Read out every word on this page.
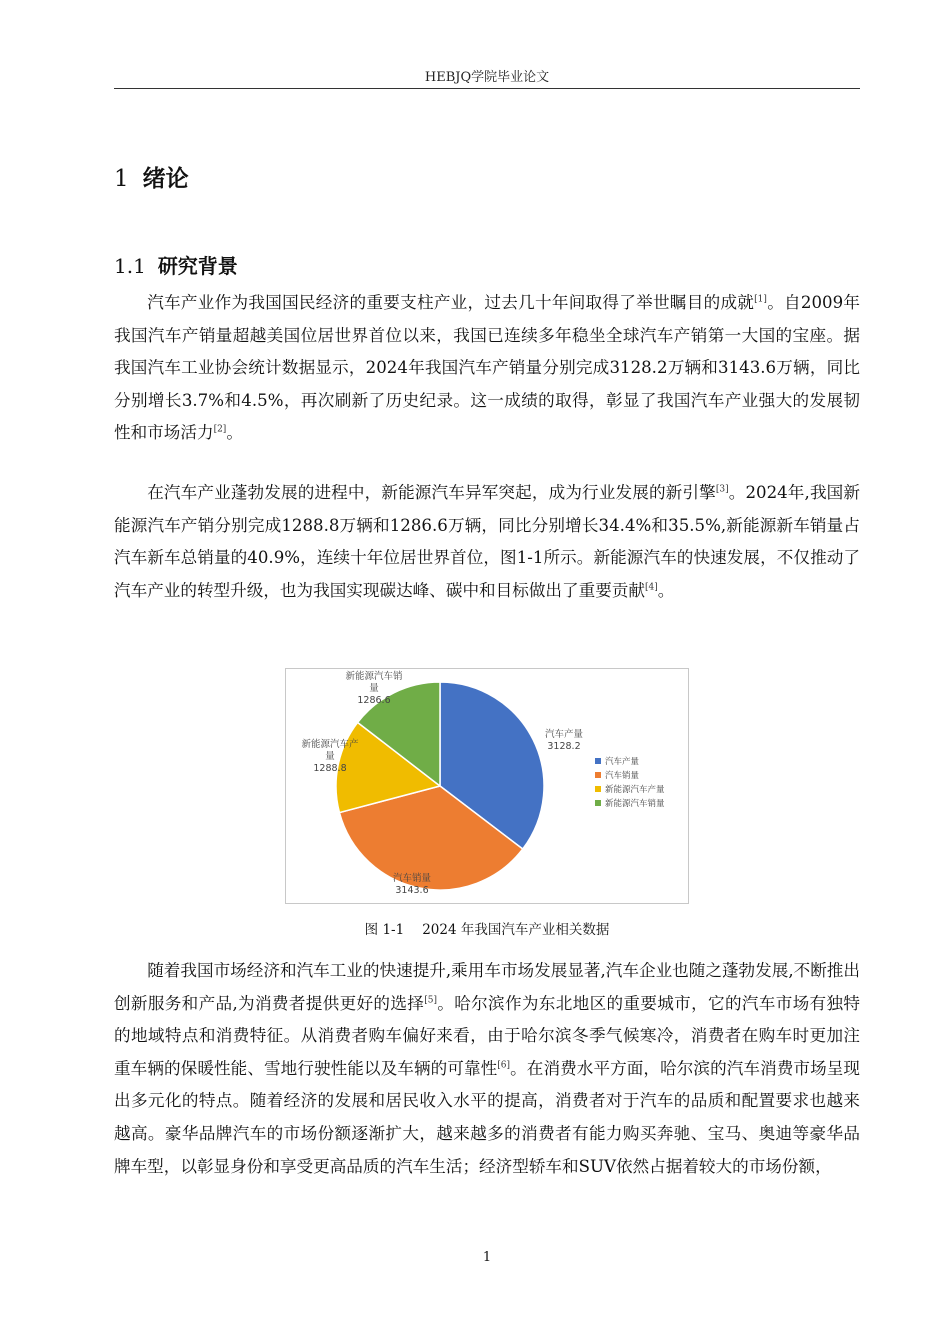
HEBJQ学院毕业论文
1 绪论
1.1 研究背景

汽车产业作为我国国民经济的重要支柱产业，过去几十年间取得了举世瞩目的成就[1]。自2009年我国汽车产销量超越美国位居世界首位以来，我国已连续多年稳坐全球汽车产销第一大国的宝座。据我国汽车工业协会统计数据显示，2024年我国汽车产销量分别完成3128.2万辆和3143.6万辆，同比分别增长3.7%和4.5%，再次刷新了历史纪录。这一成绩的取得，彰显了我国汽车产业强大的发展韧性和市场活力[2]。

在汽车产业蓬勃发展的进程中，新能源汽车异军突起，成为行业发展的新引擎[3]。2024年,我国新能源汽车产销分别完成1288.8万辆和1286.6万辆，同比分别增长34.4%和35.5%,新能源新车销量占汽车新车总销量的40.9%，连续十年位居世界首位，图1-1所示。新能源汽车的快速发展，不仅推动了汽车产业的转型升级，也为我国实现碳达峰、碳中和目标做出了重要贡献[4]。

汽车产量
3128.2
汽车销量
3143.6
新能源汽车产
量
1288.8
新能源汽车销
量
1286.6
汽车产量
汽车销量
新能源汽车产量
新能源汽车销量
图 1-1 2024 年我国汽车产业相关数据

随着我国市场经济和汽车工业的快速提升,乘用车市场发展显著,汽车企业也随之蓬勃发展,不断推出创新服务和产品,为消费者提供更好的选择[5]。哈尔滨作为东北地区的重要城市，它的汽车市场有独特的地域特点和消费特征。从消费者购车偏好来看，由于哈尔滨冬季气候寒冷，消费者在购车时更加注重车辆的保暖性能、雪地行驶性能以及车辆的可靠性[6]。在消费水平方面，哈尔滨的汽车消费市场呈现出多元化的特点。随着经济的发展和居民收入水平的提高，消费者对于汽车的品质和配置要求也越来越高。豪华品牌汽车的市场份额逐渐扩大，越来越多的消费者有能力购买奔驰、宝马、奥迪等豪华品牌车型，以彰显身份和享受更高品质的汽车生活；经济型轿车和SUV依然占据着较大的市场份额，

1
